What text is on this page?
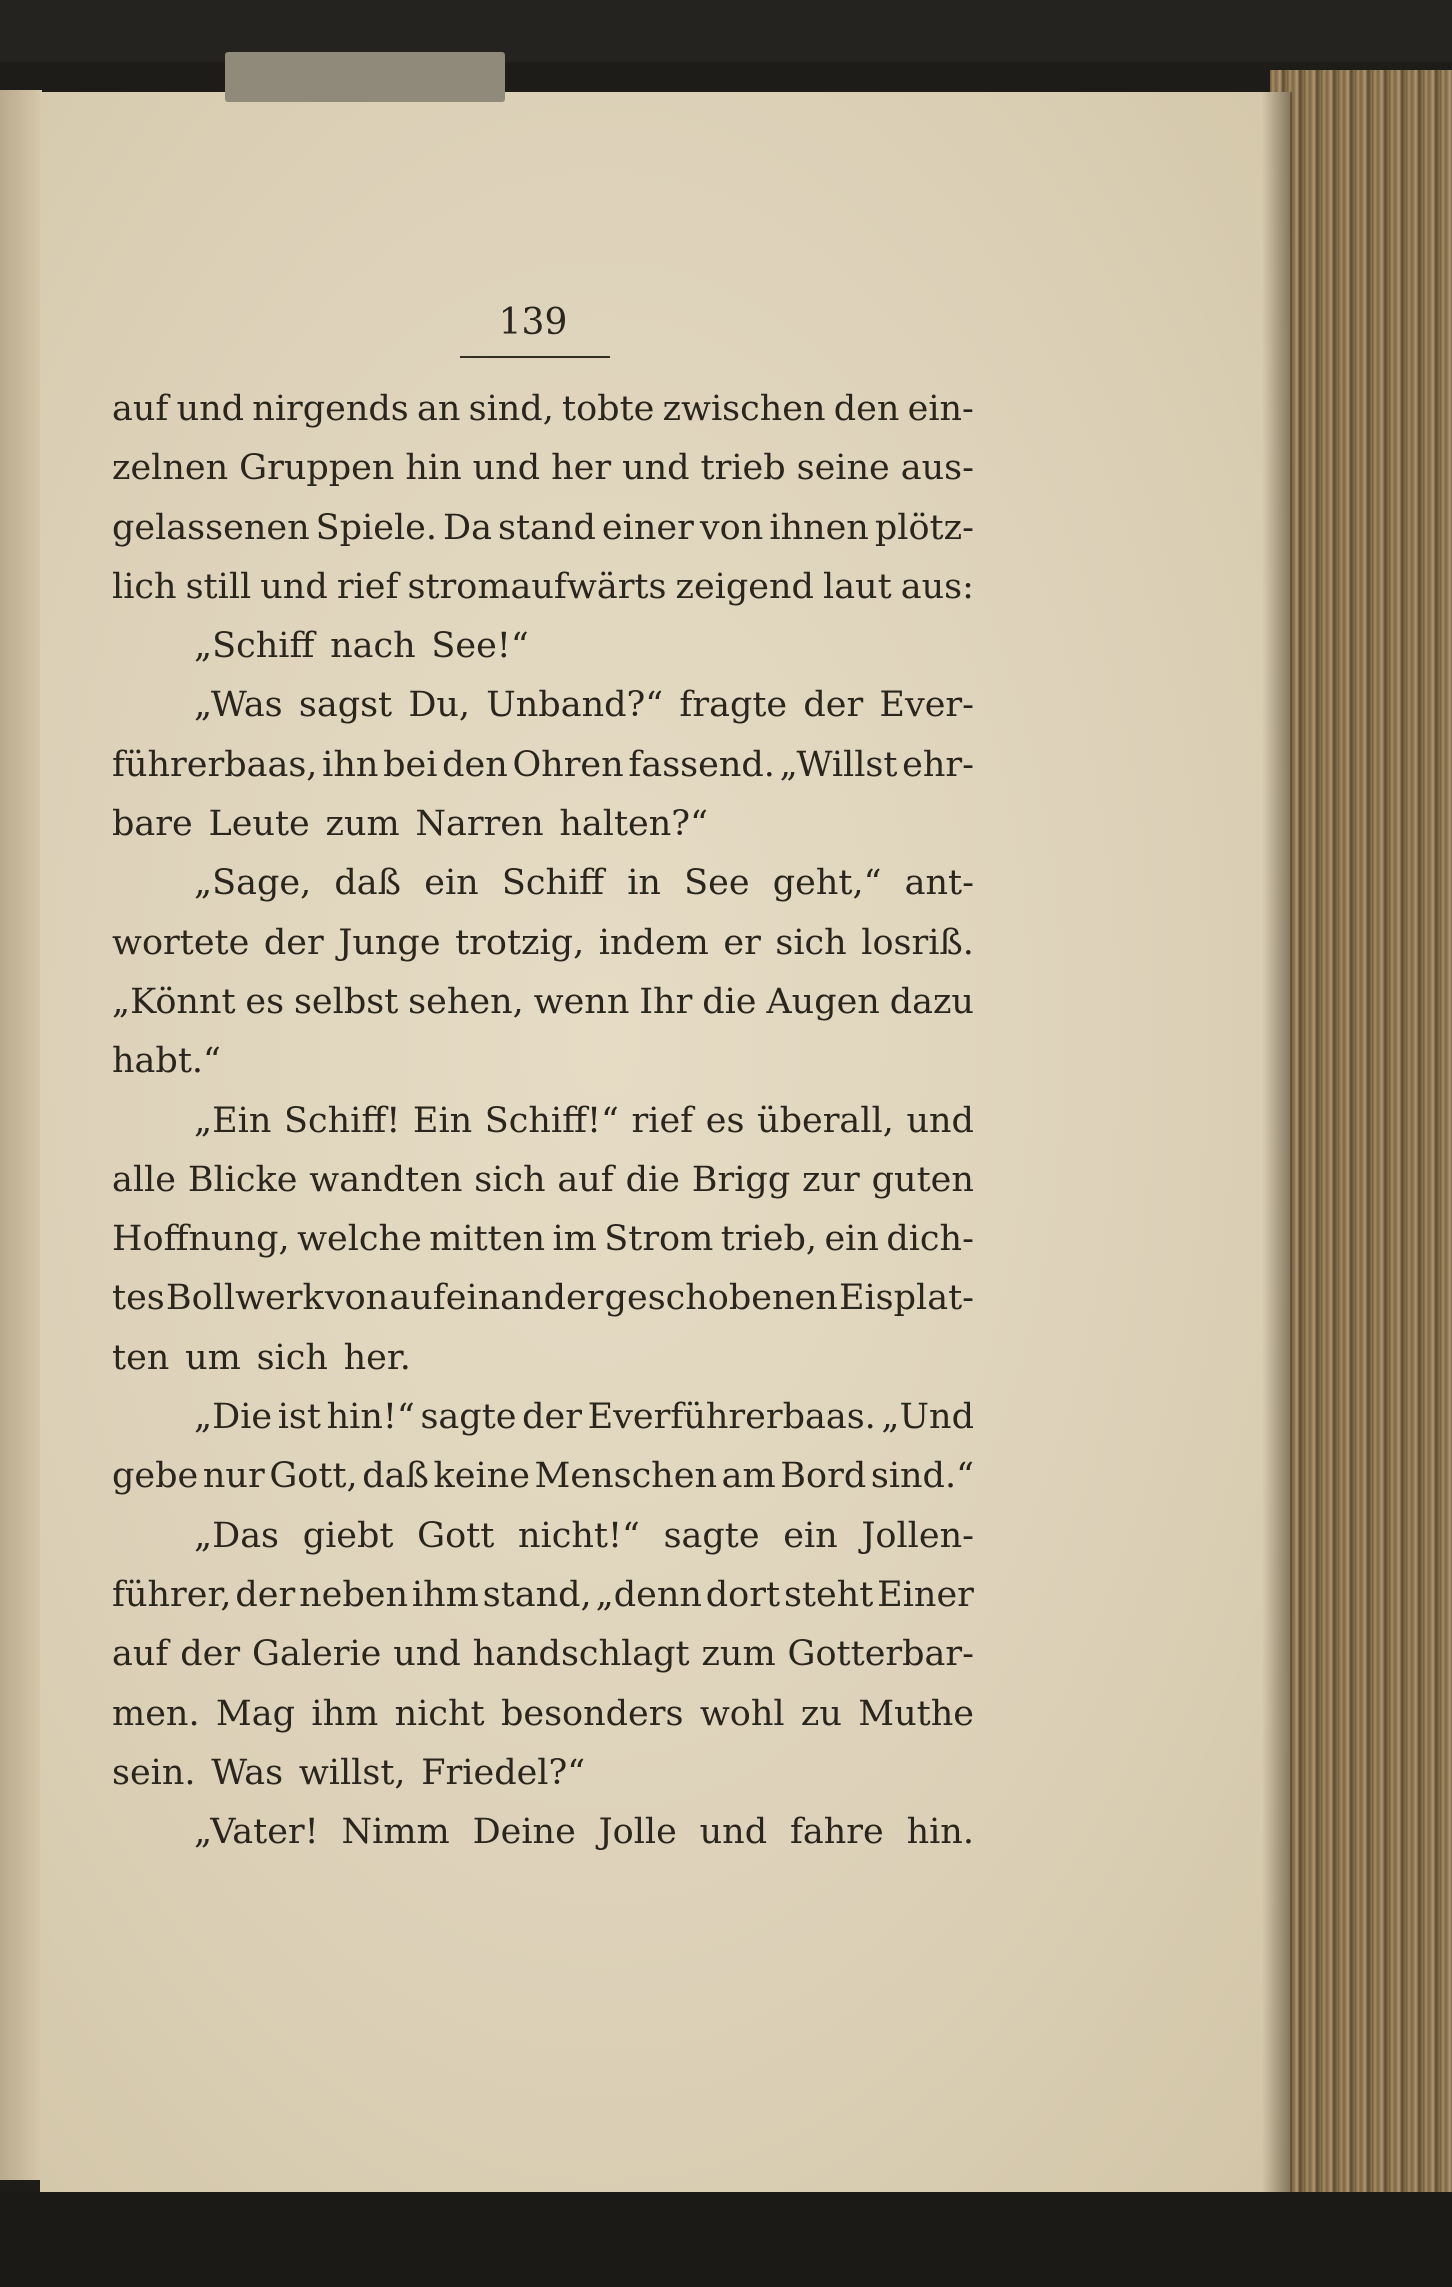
139
auf und nirgends an sind, tobte zwischen den ein-
zelnen Gruppen hin und her und trieb seine aus-
gelassenen Spiele. Da stand einer von ihnen plötz-
lich still und rief stromaufwärts zeigend laut aus:
„Schiff nach See!“
„Was sagst Du, Unband?“ fragte der Ever-
führerbaas, ihn bei den Ohren fassend. „Willst ehr-
bare Leute zum Narren halten?“
„Sage, daß ein Schiff in See geht,“ ant-
wortete der Junge trotzig, indem er sich losriß.
„Könnt es selbst sehen, wenn Ihr die Augen dazu
habt.“
„Ein Schiff! Ein Schiff!“ rief es überall, und
alle Blicke wandten sich auf die Brigg zur guten
Hoffnung, welche mitten im Strom trieb, ein dich-
tes Bollwerk von aufeinander geschobenen Eisplat-
ten um sich her.
„Die ist hin!“ sagte der Everführerbaas. „Und
gebe nur Gott, daß keine Menschen am Bord sind.“
„Das giebt Gott nicht!“ sagte ein Jollen-
führer, der neben ihm stand, „denn dort steht Einer
auf der Galerie und handschlagt zum Gotterbar-
men. Mag ihm nicht besonders wohl zu Muthe
sein. Was willst, Friedel?“
„Vater! Nimm Deine Jolle und fahre hin.
